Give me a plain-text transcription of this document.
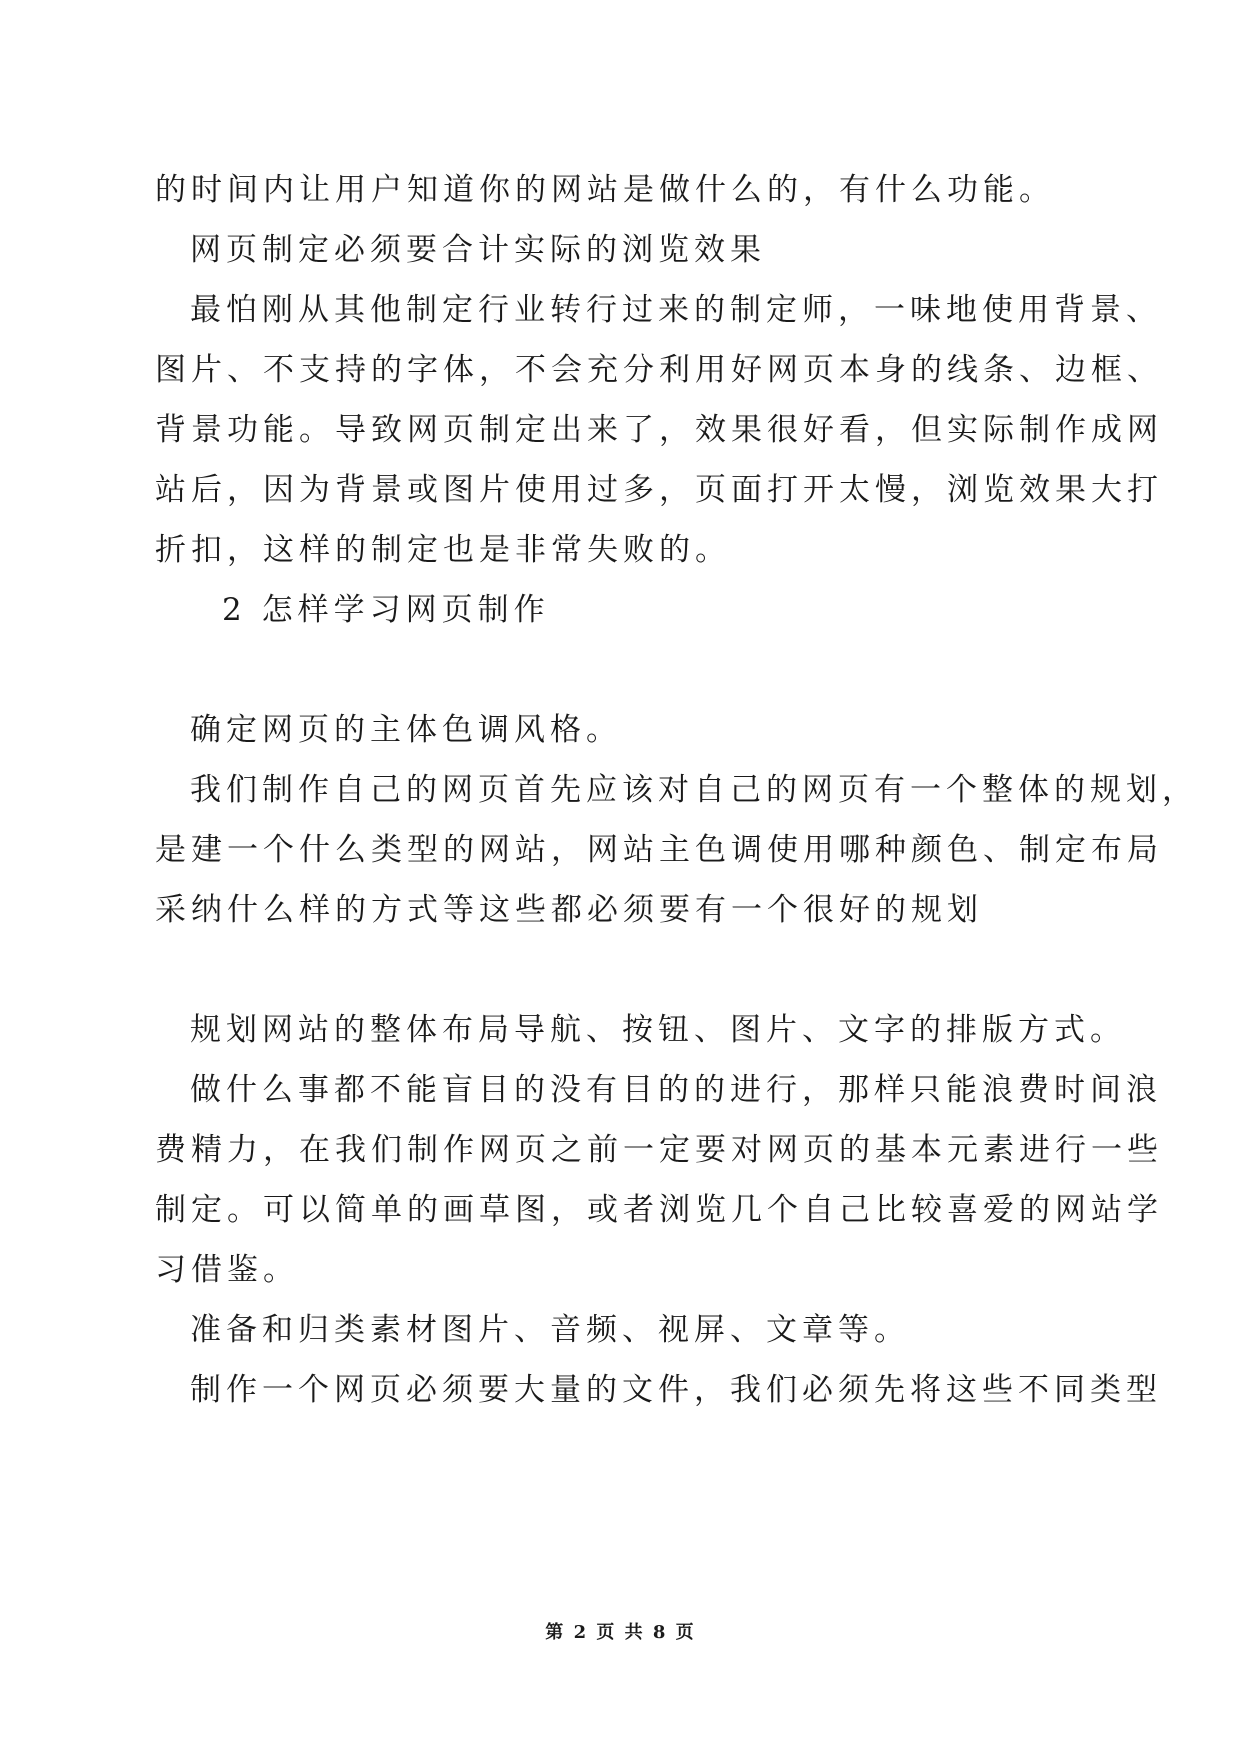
的时间内让用户知道你的网站是做什么的，有什么功能。
网页制定必须要合计实际的浏览效果
最怕刚从其他制定行业转行过来的制定师，一味地使用背景、
图片、不支持的字体，不会充分利用好网页本身的线条、边框、
背景功能。导致网页制定出来了，效果很好看，但实际制作成网
站后，因为背景或图片使用过多，页面打开太慢，浏览效果大打
折扣，这样的制定也是非常失败的。
2 怎样学习网页制作
确定网页的主体色调风格。
我们制作自己的网页首先应该对自己的网页有一个整体的规划，
是建一个什么类型的网站，网站主色调使用哪种颜色、制定布局
采纳什么样的方式等这些都必须要有一个很好的规划
规划网站的整体布局导航、按钮、图片、文字的排版方式。
做什么事都不能盲目的没有目的的进行，那样只能浪费时间浪
费精力，在我们制作网页之前一定要对网页的基本元素进行一些
制定。可以简单的画草图，或者浏览几个自己比较喜爱的网站学
习借鉴。
准备和归类素材图片、音频、视屏、文章等。
制作一个网页必须要大量的文件，我们必须先将这些不同类型
第 2 页 共 8 页
